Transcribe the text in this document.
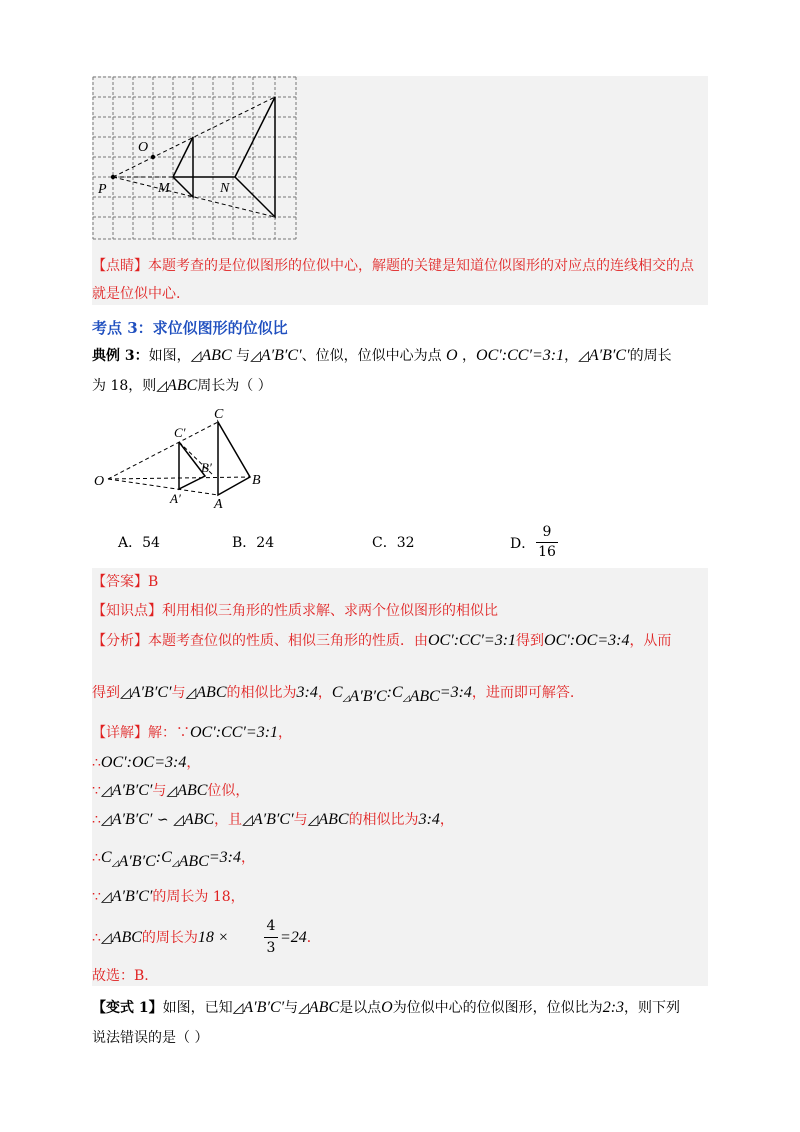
O
P	M	N
【点睛】本题考查的是位似图形的位似中心，解题的关键是知道位似图形的对应点的连线相交的点
就是位似中心.
考点 3：求位似图形的位似比
典例 3：如图，◿ABC 与◿A′B′C′、位似，位似中心为点 O ，OC′:CC′=3:1，◿A′B′C′的周长
为 18，则◿ABC周长为（ ）
O
C
B
A
C′
B′
A′
A．54	B．24	C．32	D．
9
16
【答案】B
【知识点】利用相似三角形的性质求解、求两个位似图形的相似比
【分析】本题考查位似的性质、相似三角形的性质．由OC′:CC′=3:1得到OC′:OC=3:4，从而
得到◿A′B′C′与◿ABC的相似比为3:4，$C_{◿A'B'C}:C_{◿ABC}=3:4$，进而即可解答.
【详解】解：∵OC′:CC′=3:1，
∴OC′:OC=3:4，
∵◿A′B′C′与◿ABC位似，
∴◿A′B′C′ ∽ ◿ABC，且◿A′B′C′与◿ABC的相似比为3:4，
$\therefore C_{◿A'B'C}:C_{◿ABC}=3:4$，
∵◿A′B′C′的周长为 18，
∴◿ABC的周长为18 ×
4
3
=24．
故选：B.
【变式 1】如图，已知◿A′B′C′与◿ABC是以点O为位似中心的位似图形，位似比为2:3，则下列
说法错误的是（ ）
